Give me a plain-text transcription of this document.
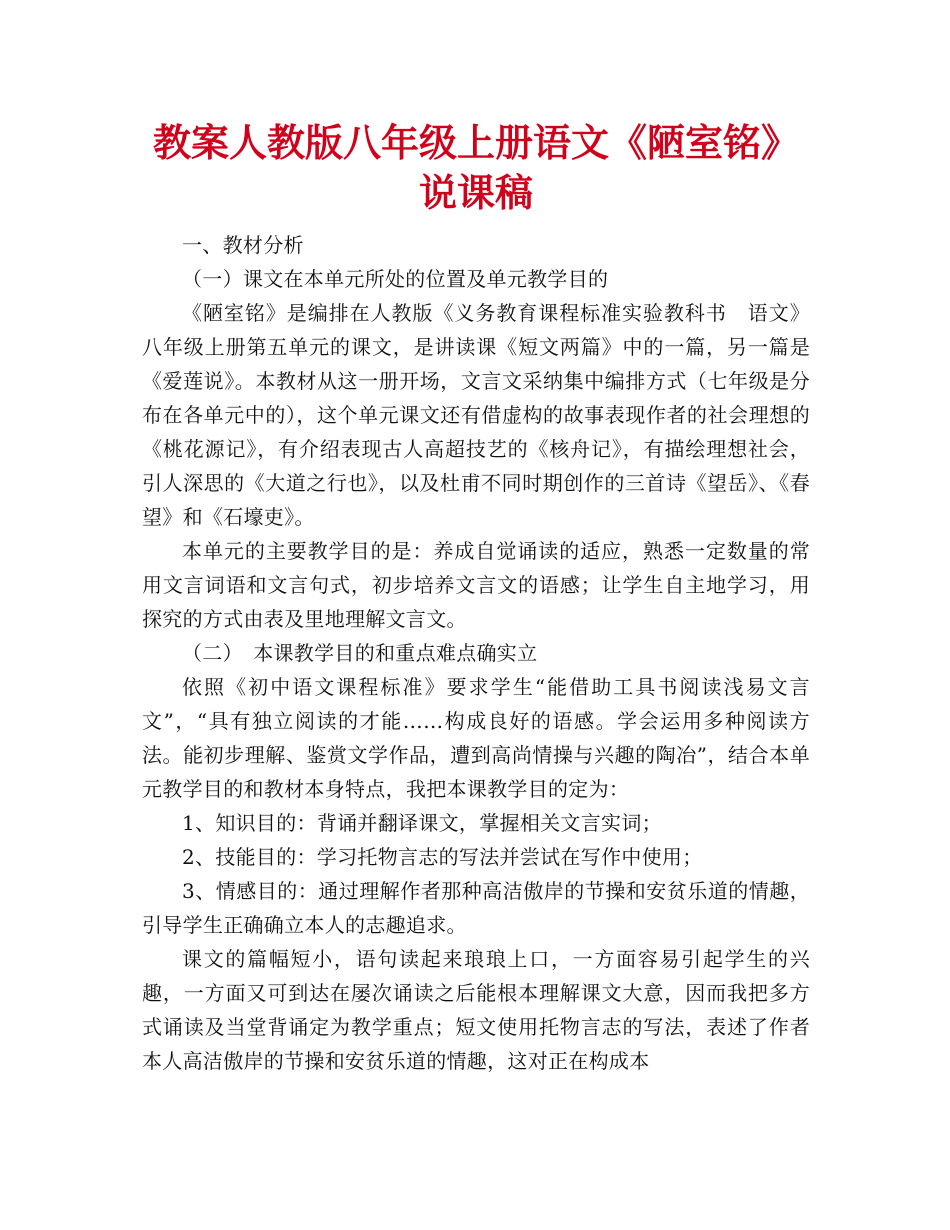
教案人教版八年级上册语文《陋室铭》说课稿

一、教材分析

（一）课文在本单元所处的位置及单元教学目的

《陋室铭》是编排在人教版《义务教育课程标准实验教科书　语文》八年级上册第五单元的课文，是讲读课《短文两篇》中的一篇，另一篇是《爱莲说》。本教材从这一册开场，文言文采纳集中编排方式（七年级是分布在各单元中的），这个单元课文还有借虚构的故事表现作者的社会理想的《桃花源记》，有介绍表现古人高超技艺的《核舟记》，有描绘理想社会，引人深思的《大道之行也》，以及杜甫不同时期创作的三首诗《望岳》、《春望》和《石壕吏》。

本单元的主要教学目的是：养成自觉诵读的适应，熟悉一定数量的常用文言词语和文言句式，初步培养文言文的语感；让学生自主地学习，用探究的方式由表及里地理解文言文。

（二）　本课教学目的和重点难点确实立

依照《初中语文课程标准》要求学生“能借助工具书阅读浅易文言文”，“具有独立阅读的才能……构成良好的语感。学会运用多种阅读方法。能初步理解、鉴赏文学作品，遭到高尚情操与兴趣的陶冶”，结合本单元教学目的和教材本身特点，我把本课教学目的定为：

1、知识目的：背诵并翻译课文，掌握相关文言实词；

2、技能目的：学习托物言志的写法并尝试在写作中使用；

3、情感目的：通过理解作者那种高洁傲岸的节操和安贫乐道的情趣，引导学生正确确立本人的志趣追求。

课文的篇幅短小，语句读起来琅琅上口，一方面容易引起学生的兴趣，一方面又可到达在屡次诵读之后能根本理解课文大意，因而我把多方式诵读及当堂背诵定为教学重点；短文使用托物言志的写法，表述了作者本人高洁傲岸的节操和安贫乐道的情趣，这对正在构成本
